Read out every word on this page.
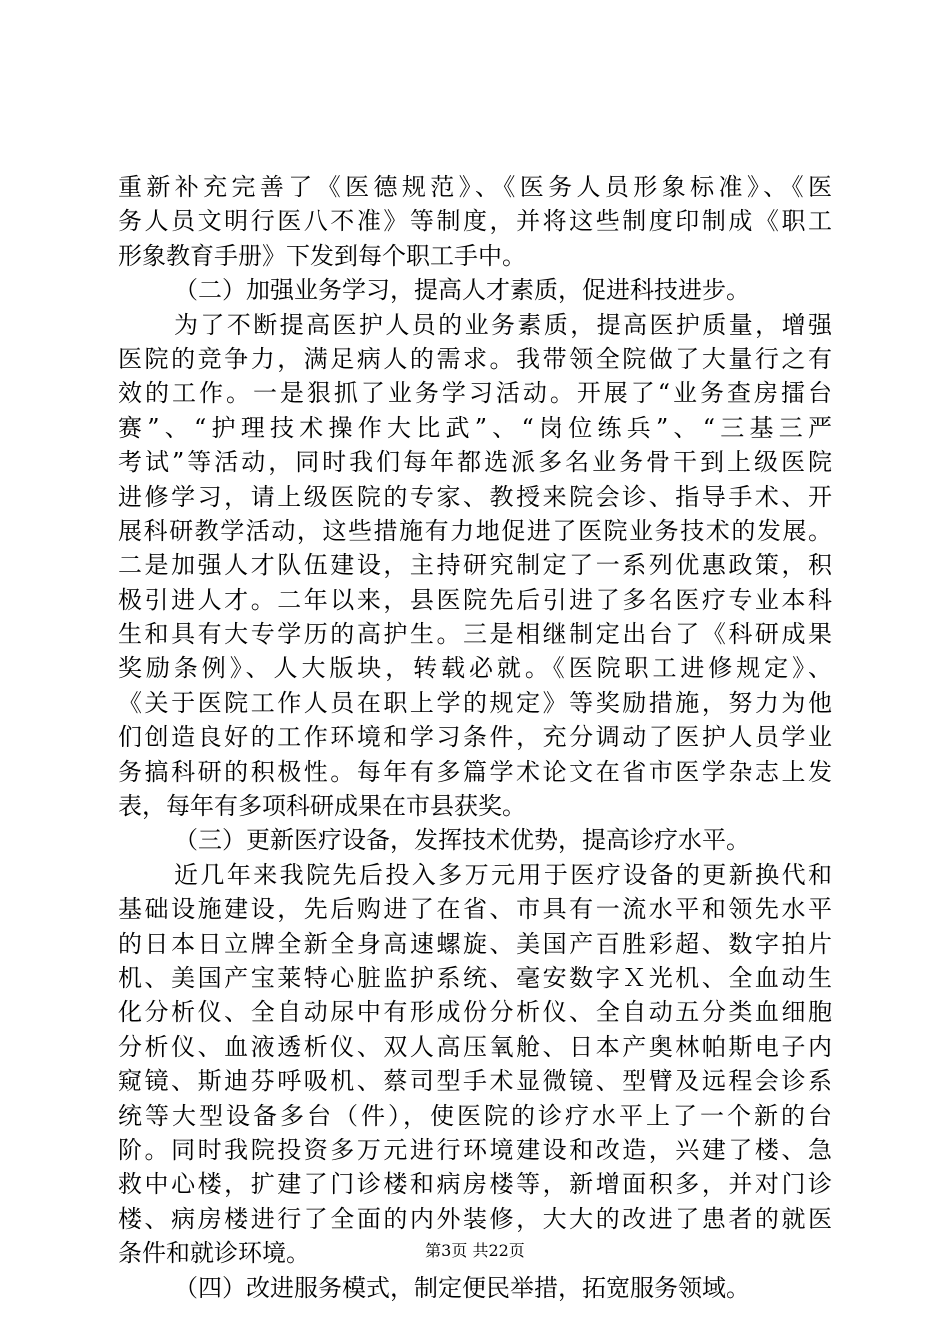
重新补充完善了《医德规范》、《医务人员形象标准》、《医
务人员文明行医八不准》等制度，并将这些制度印制成《职工
形象教育手册》下发到每个职工手中。
（二）加强业务学习，提高人才素质，促进科技进步。
为了不断提高医护人员的业务素质，提高医护质量，增强
医院的竞争力，满足病人的需求。我带领全院做了大量行之有
效的工作。一是狠抓了业务学习活动。开展了“业务查房擂台
赛”、“护理技术操作大比武”、“岗位练兵”、“三基三严
考试”等活动，同时我们每年都选派多名业务骨干到上级医院
进修学习，请上级医院的专家、教授来院会诊、指导手术、开
展科研教学活动，这些措施有力地促进了医院业务技术的发展。
二是加强人才队伍建设，主持研究制定了一系列优惠政策，积
极引进人才。二年以来，县医院先后引进了多名医疗专业本科
生和具有大专学历的高护生。三是相继制定出台了《科研成果
奖励条例》、人大版块，转载必就。《医院职工进修规定》、
《关于医院工作人员在职上学的规定》等奖励措施，努力为他
们创造良好的工作环境和学习条件，充分调动了医护人员学业
务搞科研的积极性。每年有多篇学术论文在省市医学杂志上发
表，每年有多项科研成果在市县获奖。
（三）更新医疗设备，发挥技术优势，提高诊疗水平。
近几年来我院先后投入多万元用于医疗设备的更新换代和
基础设施建设，先后购进了在省、市具有一流水平和领先水平
的日本日立牌全新全身高速螺旋、美国产百胜彩超、数字拍片
机、美国产宝莱特心脏监护系统、毫安数字Ｘ光机、全血动生
化分析仪、全自动尿中有形成份分析仪、全自动五分类血细胞
分析仪、血液透析仪、双人高压氧舱、日本产奥林帕斯电子内
窥镜、斯迪芬呼吸机、蔡司型手术显微镜、型臂及远程会诊系
统等大型设备多台（件），使医院的诊疗水平上了一个新的台
阶。同时我院投资多万元进行环境建设和改造，兴建了楼、急
救中心楼，扩建了门诊楼和病房楼等，新增面积多，并对门诊
楼、病房楼进行了全面的内外装修，大大的改进了患者的就医
条件和就诊环境。
（四）改进服务模式，制定便民举措，拓宽服务领域。
第3页 共22页
